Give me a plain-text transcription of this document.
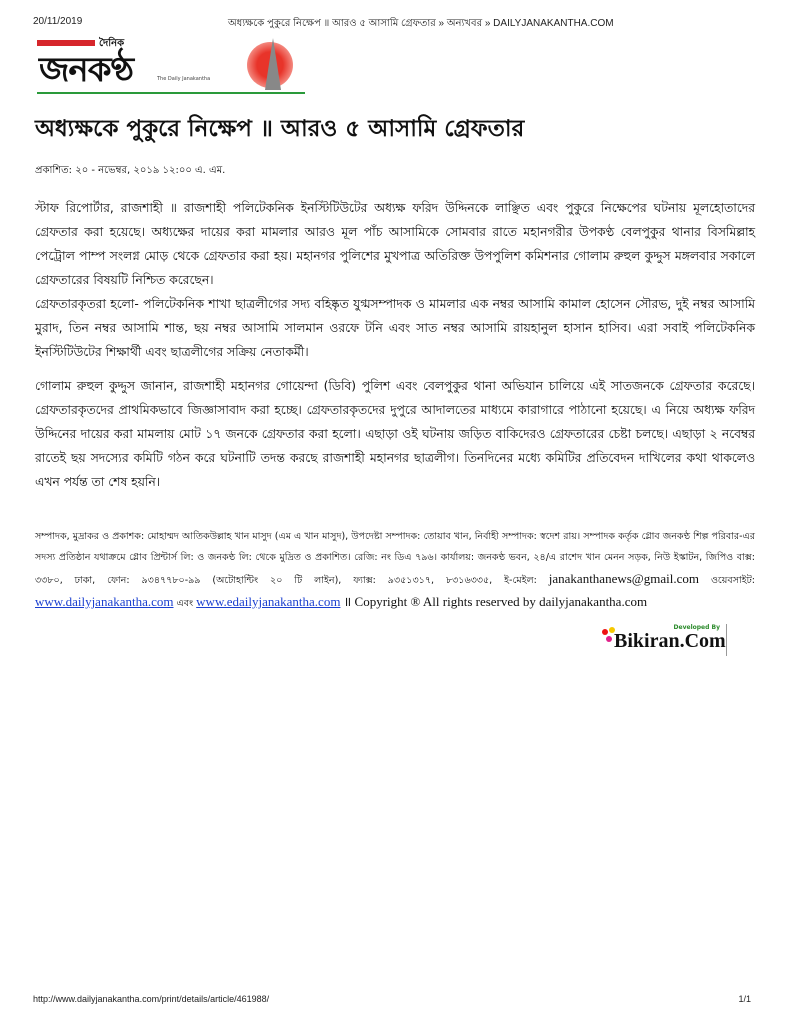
20/11/2019	অধ্যক্ষকে পুকুরে নিক্ষেপ ॥ আরও ৫ আসামি গ্রেফতার » অন্যখবর » DAILYJANAKANTHA.COM
দৈনিক
জনকণ্ঠ	The Daily Janakantha
অধ্যক্ষকে পুকুরে নিক্ষেপ ॥ আরও ৫ আসামি গ্রেফতার
প্রকাশিত: ২০ - নভেম্বর, ২০১৯ ১২:০০ এ. এম.

স্টাফ রিপোর্টার, রাজশাহী ॥ রাজশাহী পলিটেকনিক ইনস্টিটিউটের অধ্যক্ষ ফরিদ উদ্দিনকে লাঞ্ছিত এবং পুকুরে নিক্ষেপের ঘটনায় মূলহোতাদের গ্রেফতার করা হয়েছে। অধ্যক্ষের দায়ের করা মামলার আরও মূল পাঁচ আসামিকে সোমবার রাতে মহানগরীর উপকণ্ঠ বেলপুকুর থানার বিসমিল্লাহ পেট্রোল পাম্প সংলগ্ন মোড় থেকে গ্রেফতার করা হয়। মহানগর পুলিশের মুখপাত্র অতিরিক্ত উপপুলিশ কমিশনার গোলাম রুহুল কুদ্দুস মঙ্গলবার সকালে গ্রেফতারের বিষয়টি নিশ্চিত করেছেন।

গ্রেফতারকৃতরা হলো- পলিটেকনিক শাখা ছাত্রলীগের সদ্য বহিষ্কৃত যুগ্মসম্পাদক ও মামলার এক নম্বর আসামি কামাল হোসেন সৌরভ, দুই নম্বর আসামি মুরাদ, তিন নম্বর আসামি শান্ত, ছয় নম্বর আসামি সালমান ওরফে টনি এবং সাত নম্বর আসামি রায়হানুল হাসান হাসিব। এরা সবাই পলিটেকনিক ইনস্টিটিউটের শিক্ষার্থী এবং ছাত্রলীগের সক্রিয় নেতাকর্মী।

গোলাম রুহুল কুদ্দুস জানান, রাজশাহী মহানগর গোয়েন্দা (ডিবি) পুলিশ এবং বেলপুকুর থানা অভিযান চালিয়ে এই সাতজনকে গ্রেফতার করেছে। গ্রেফতারকৃতদের প্রাথমিকভাবে জিজ্ঞাসাবাদ করা হচ্ছে। গ্রেফতারকৃতদের দুপুরে আদালতের মাধ্যমে কারাগারে পাঠানো হয়েছে। এ নিয়ে অধ্যক্ষ ফরিদ উদ্দিনের দায়ের করা মামলায় মোট ১৭ জনকে গ্রেফতার করা হলো। এছাড়া ওই ঘটনায় জড়িত বাকিদেরও গ্রেফতারের চেষ্টা চলছে। এছাড়া ২ নবেম্বর রাতেই ছয় সদস্যের কমিটি গঠন করে ঘটনাটি তদন্ত করছে রাজশাহী মহানগর ছাত্রলীগ। তিনদিনের মধ্যে কমিটির প্রতিবেদন দাখিলের কথা থাকলেও এখন পর্যন্ত তা শেষ হয়নি।

সম্পাদক, মুদ্রাকর ও প্রকাশক: মোহাম্মদ আতিকউল্লাহ খান মাসুদ (এম এ খান মাসুদ), উপদেষ্টা সম্পাদক: তোয়াব খান, নির্বাহী সম্পাদক: স্বদেশ রায়। সম্পাদক কর্তৃক গ্লোব জনকণ্ঠ শিল্প পরিবার-এর সদস্য প্রতিষ্ঠান যথাক্রমে গ্লোব প্রিন্টার্স লি: ও জনকণ্ঠ লি: থেকে মুদ্রিত ও প্রকাশিত। রেজি: নং ডিএ ৭৯৬। কার্যালয়: জনকণ্ঠ ভবন, ২৪/এ রাশেদ খান মেনন সড়ক, নিউ ইস্কাটন, জিপিও বাক্স: ৩৩৮০, ঢাকা, ফোন: ৯৩৪৭৭৮০-৯৯ (অটোহান্টিং ২০ টি লাইন), ফ্যাক্স: ৯৩৫১৩১৭, ৮৩১৬৩৩৫, ই-মেইল: janakanthanews@gmail.com ওয়েবসাইট: www.dailyjanakantha.com এবং www.edailyjanakantha.com ॥ Copyright ® All rights reserved by dailyjanakantha.com
Developed By
Bikiran.Com
http://www.dailyjanakantha.com/print/details/article/461988/	1/1
